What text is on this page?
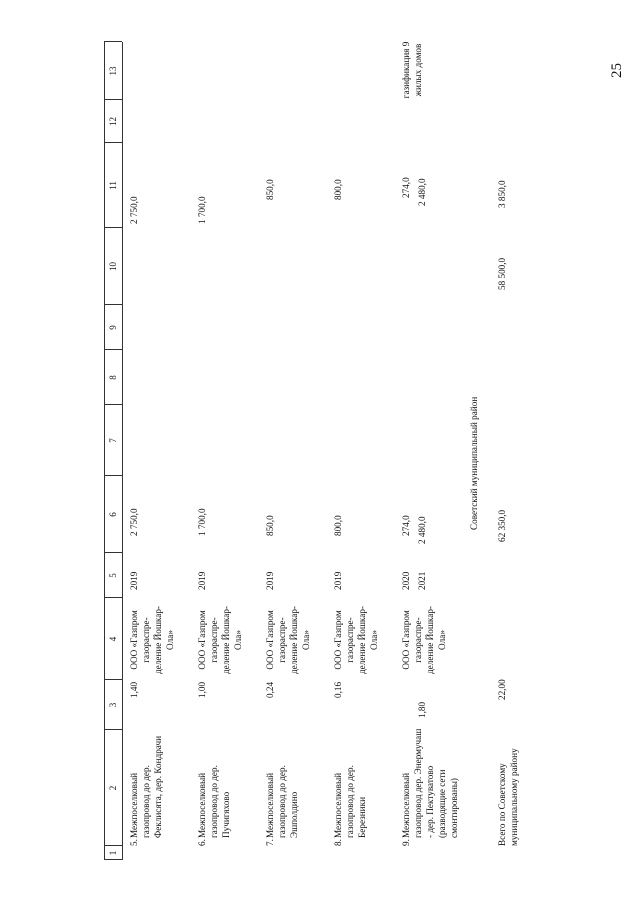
25
1
2
3
4
5
6
7
8
9
10
11
12
13
5.
Межпоселковый газопровод до дер. Феклисята, дер. Кондрачи
1,40
ООО «Газпром газораспре-деление Йошкар-Ола»
2019
2 750,0
2 750,0
6.
Межпоселковый газопровод до дер. Пучигяхово
1,00
ООО «Газпром газораспре-деление Йошкар-Ола»
2019
1 700,0
1 700,0
7.
Межпоселковый газопровод до дер. Эшполдино
0,24
ООО «Газпром газораспре-деление Йошкар-Ола»
2019
850,0
850,0
8.
Межпоселковый газопровод до дер. Березники
0,16
ООО «Газпром газораспре-деление Йошкар-Ола»
2019
800,0
800,0
9.
Межпоселковый газопровод дер. Энермучаш - дер. Пектуватово (разводящие сети смонтированы)
1,80
ООО «Газпром газораспре-деление Йошкар-Ола»
2020 2021
274,0 2 480,0
274,0 2 480,0
газификация 9 жилых домов
Советский муниципальный район
Всего по Советскому муниципальному району
22,00
62 350,0
58 500,0
3 850,0
